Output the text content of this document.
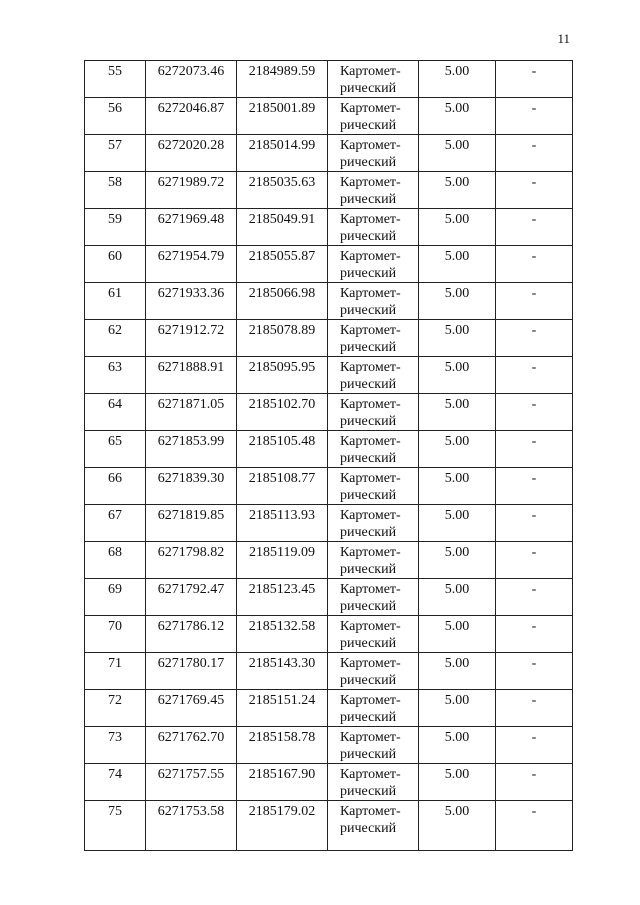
11
55	6272073.46	2184989.59	Картомет-
рический	5.00	-
56	6272046.87	2185001.89	Картомет-
рический	5.00	-
57	6272020.28	2185014.99	Картомет-
рический	5.00	-
58	6271989.72	2185035.63	Картомет-
рический	5.00	-
59	6271969.48	2185049.91	Картомет-
рический	5.00	-
60	6271954.79	2185055.87	Картомет-
рический	5.00	-
61	6271933.36	2185066.98	Картомет-
рический	5.00	-
62	6271912.72	2185078.89	Картомет-
рический	5.00	-
63	6271888.91	2185095.95	Картомет-
рический	5.00	-
64	6271871.05	2185102.70	Картомет-
рический	5.00	-
65	6271853.99	2185105.48	Картомет-
рический	5.00	-
66	6271839.30	2185108.77	Картомет-
рический	5.00	-
67	6271819.85	2185113.93	Картомет-
рический	5.00	-
68	6271798.82	2185119.09	Картомет-
рический	5.00	-
69	6271792.47	2185123.45	Картомет-
рический	5.00	-
70	6271786.12	2185132.58	Картомет-
рический	5.00	-
71	6271780.17	2185143.30	Картомет-
рический	5.00	-
72	6271769.45	2185151.24	Картомет-
рический	5.00	-
73	6271762.70	2185158.78	Картомет-
рический	5.00	-
74	6271757.55	2185167.90	Картомет-
рический	5.00	-
75	6271753.58	2185179.02	Картомет-
рический	5.00	-
